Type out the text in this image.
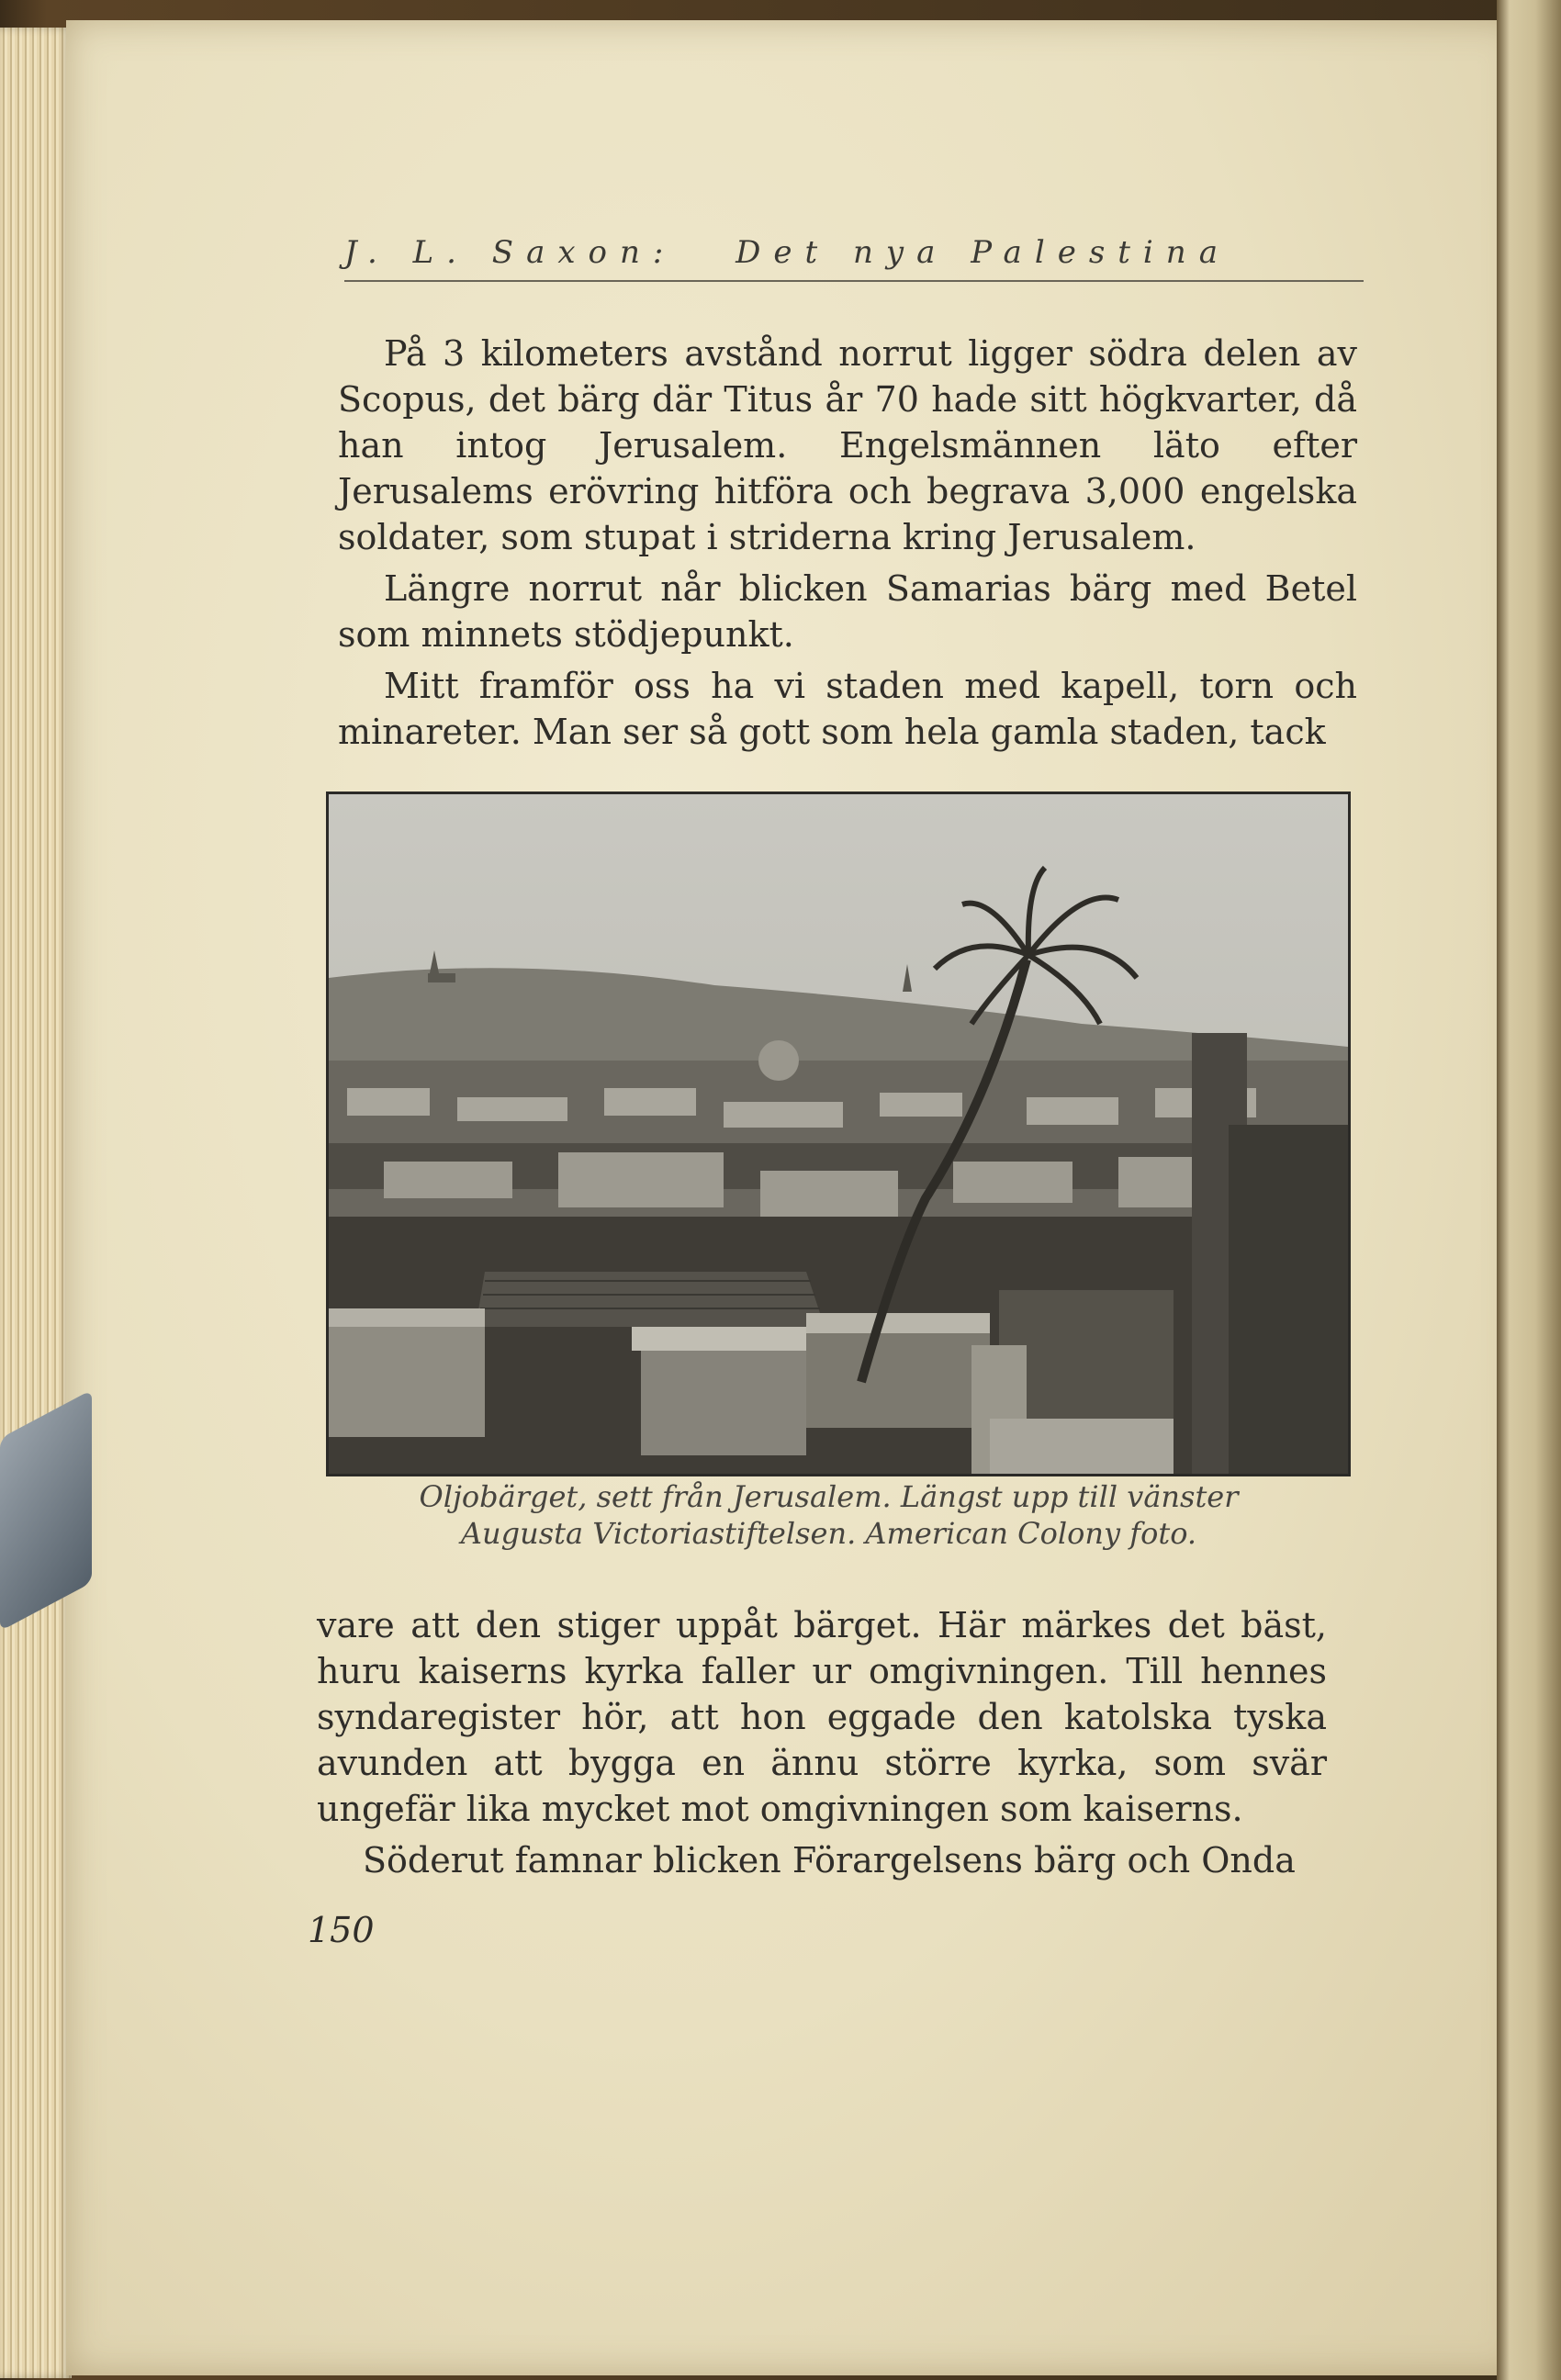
J. L. Saxon: Det nya Palestina

På 3 kilometers avstånd norrut ligger södra delen av Scopus, det bärg där Titus år 70 hade sitt högkvarter, då han intog Jerusalem. Engelsmännen läto efter Jerusalems erövring hitföra och begrava 3,000 engelska soldater, som stupat i striderna kring Jerusalem.

Längre norrut når blicken Samarias bärg med Betel som minnets stödjepunkt.

Mitt framför oss ha vi staden med kapell, torn och minareter. Man ser så gott som hela gamla staden, tack

Oljobärget, sett från Jerusalem. Längst upp till vänster
Augusta Victoriastiftelsen. American Colony foto.

vare att den stiger uppåt bärget. Här märkes det bäst, huru kaiserns kyrka faller ur omgivningen. Till hennes syndaregister hör, att hon eggade den katolska tyska avunden att bygga en ännu större kyrka, som svär ungefär lika mycket mot omgivningen som kaiserns.

Söderut famnar blicken Förargelsens bärg och Onda

150
